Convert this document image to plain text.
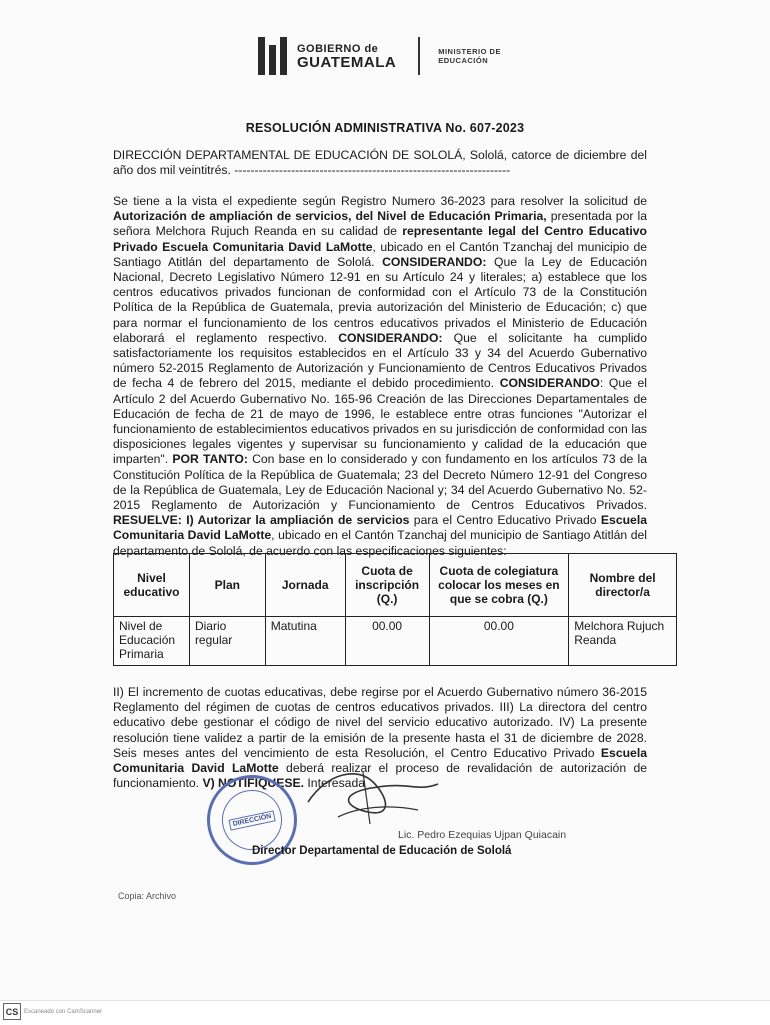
GOBIERNO de
GUATEMALA
MINISTERIO DE
EDUCACIÓN
RESOLUCIÓN ADMINISTRATIVA No. 607-2023
DIRECCIÓN DEPARTAMENTAL DE EDUCACIÓN DE SOLOLÁ, Sololá, catorce de diciembre del año dos mil veintitrés. --------------------------------------------------------------------
Se tiene a la vista el expediente según Registro Numero 36-2023 para resolver la solicitud de Autorización de ampliación de servicios, del Nivel de Educación Primaria, presentada por la señora Melchora Rujuch Reanda en su calidad de representante legal del Centro Educativo Privado Escuela Comunitaria David LaMotte, ubicado en el Cantón Tzanchaj del municipio de Santiago Atitlán del departamento de Sololá. CONSIDERANDO: Que la Ley de Educación Nacional, Decreto Legislativo Número 12-91 en su Artículo 24 y literales; a) establece que los centros educativos privados funcionan de conformidad con el Artículo 73 de la Constitución Política de la República de Guatemala, previa autorización del Ministerio de Educación; c) que para normar el funcionamiento de los centros educativos privados el Ministerio de Educación elaborará el reglamento respectivo. CONSIDERANDO: Que el solicitante ha cumplido satisfactoriamente los requisitos establecidos en el Artículo 33 y 34 del Acuerdo Gubernativo número 52-2015 Reglamento de Autorización y Funcionamiento de Centros Educativos Privados de fecha 4 de febrero del 2015, mediante el debido procedimiento. CONSIDERANDO: Que el Artículo 2 del Acuerdo Gubernativo No. 165-96 Creación de las Direcciones Departamentales de Educación de fecha de 21 de mayo de 1996, le establece entre otras funciones "Autorizar el funcionamiento de establecimientos educativos privados en su jurisdicción de conformidad con las disposiciones legales vigentes y supervisar su funcionamiento y calidad de la educación que imparten". POR TANTO: Con base en lo considerado y con fundamento en los artículos 73 de la Constitución Política de la República de Guatemala; 23 del Decreto Número 12-91 del Congreso de la República de Guatemala, Ley de Educación Nacional y; 34 del Acuerdo Gubernativo No. 52-2015 Reglamento de Autorización y Funcionamiento de Centros Educativos Privados. RESUELVE: I) Autorizar la ampliación de servicios para el Centro Educativo Privado Escuela Comunitaria David LaMotte, ubicado en el Cantón Tzanchaj del municipio de Santiago Atitlán del departamento de Sololá, de acuerdo con las especificaciones siguientes:
Nivel educativo	Plan	Jornada	Cuota de inscripción (Q.)	Cuota de colegiatura colocar los meses en que se cobra (Q.)	Nombre del director/a
Nivel de Educación Primaria	Diario regular	Matutina	00.00	00.00	Melchora Rujuch Reanda
II) El incremento de cuotas educativas, debe regirse por el Acuerdo Gubernativo número 36-2015 Reglamento del régimen de cuotas de centros educativos privados. III) La directora del centro educativo debe gestionar el código de nivel del servicio educativo autorizado. IV) La presente resolución tiene validez a partir de la emisión de la presente hasta el 31 de diciembre de 2028. Seis meses antes del vencimiento de esta Resolución, el Centro Educativo Privado Escuela Comunitaria David LaMotte deberá realizar el proceso de revalidación de autorización de funcionamiento. V) NOTIFÍQUESE. Interesada
DIRECCIÓN
Lic. Pedro Ezequias Ujpan Quiacain
Director Departamental de Educación de Sololá
Copia: Archivo
CS Escaneado con CamScanner
